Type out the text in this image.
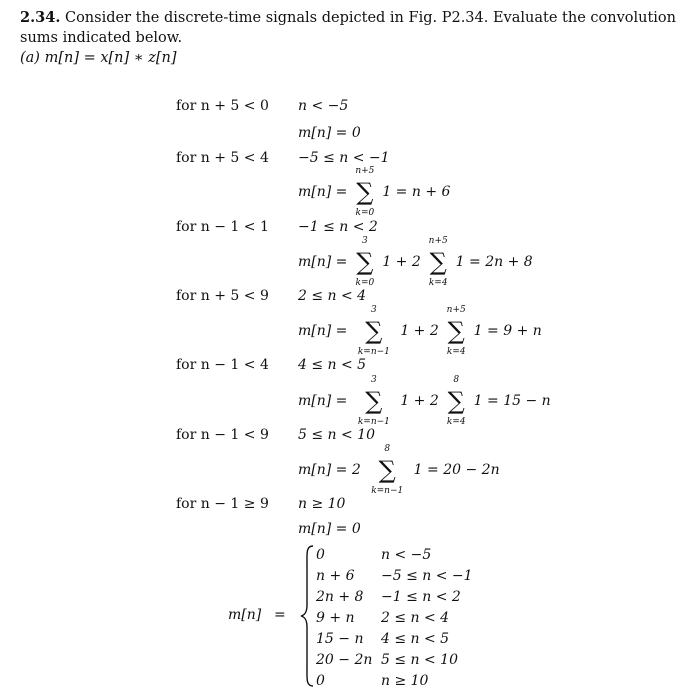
2.34. Consider the discrete-time signals depicted in Fig. P2.34. Evaluate the convolution sums indicated below.
(a) m[n] = x[n] ∗ z[n]
for n + 5 < 0 n < −5
m[n] = 0
for n + 5 < 4 −5 ≤ n < −1
m[n] =
n+5
∑
k=0
1 = n + 6
for n − 1 < 1 −1 ≤ n < 2
m[n] =
3
∑
k=0
1 + 2
n+5
∑
k=4
1 = 2n + 8
for n + 5 < 9 2 ≤ n < 4
m[n] =
3
∑
k=n−1
1 + 2
n+5
∑
k=4
1 = 9 + n
for n − 1 < 4 4 ≤ n < 5
m[n] =
3
∑
k=n−1
1 + 2
8
∑
k=4
1 = 15 − n
for n − 1 < 9 5 ≤ n < 10
m[n] = 2
8
∑
k=n−1
1 = 20 − 2n
for n − 1 ≥ 9 n ≥ 10
m[n] = 0
m[n] =
0	n < −5
n + 6 −5 ≤ n < −1
2n + 8 −1 ≤ n < 2
9 + n 2 ≤ n < 4
15 − n 4 ≤ n < 5
20 − 2n 5 ≤ n < 10
0	n ≥ 10
